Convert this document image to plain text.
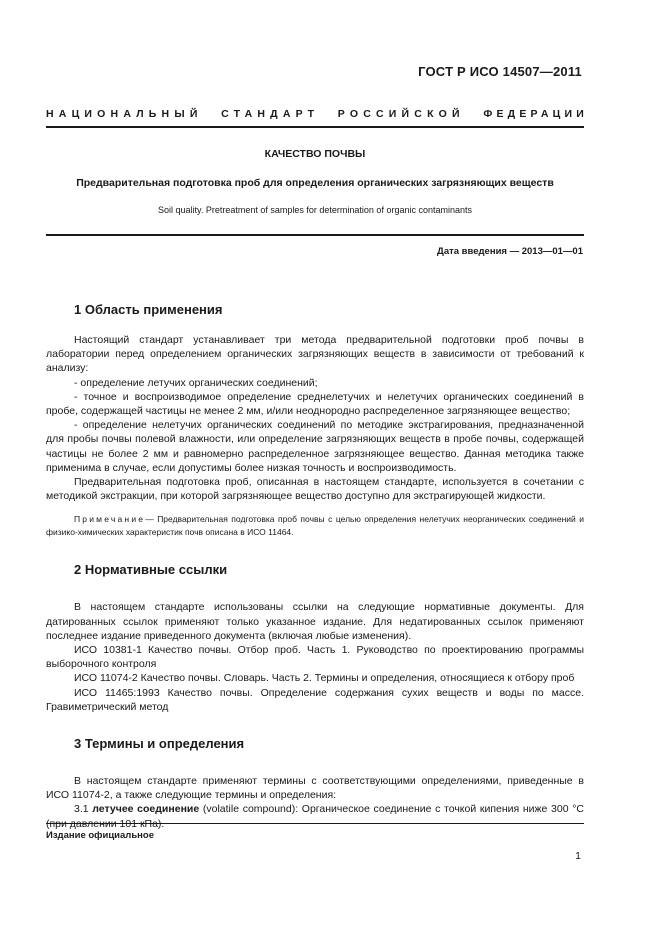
ГОСТ Р ИСО 14507—2011
НАЦИОНАЛЬНЫЙ СТАНДАРТ РОССИЙСКОЙ ФЕДЕРАЦИИ
КАЧЕСТВО ПОЧВЫ
Предварительная подготовка проб для определения органических загрязняющих веществ
Soil quality. Pretreatment of samples for determination of organic contaminants
Дата введения — 2013—01—01
1 Область применения

Настоящий стандарт устанавливает три метода предварительной подготовки проб почвы в лаборатории перед определением органических загрязняющих веществ в зависимости от требований к анализу:

- определение летучих органических соединений;

- точное и воспроизводимое определение среднелетучих и нелетучих органических соединений в пробе, содержащей частицы не менее 2 мм, и/или неоднородно распределенное загрязняющее вещество;

- определение нелетучих органических соединений по методике экстрагирования, предназначенной для пробы почвы полевой влажности, или определение загрязняющих веществ в пробе почвы, содержащей частицы не более 2 мм и равномерно распределенное загрязняющее вещество. Данная методика также применима в случае, если допустимы более низкая точность и воспроизводимость.

Предварительная подготовка проб, описанная в настоящем стандарте, используется в сочетании с методикой экстракции, при которой загрязняющее вещество доступно для экстрагирующей жидкости.

Примечание— Предварительная подготовка проб почвы с целью определения нелетучих неорганических соединений и физико-химических характеристик почв описана в ИСО 11464.

2 Нормативные ссылки

В настоящем стандарте использованы ссылки на следующие нормативные документы. Для датированных ссылок применяют только указанное издание. Для недатированных ссылок применяют последнее издание приведенного документа (включая любые изменения).

ИСО 10381-1 Качество почвы. Отбор проб. Часть 1. Руководство по проектированию программы выборочного контроля

ИСО 11074-2 Качество почвы. Словарь. Часть 2. Термины и определения, относящиеся к отбору проб

ИСО 11465:1993 Качество почвы. Определение содержания сухих веществ и воды по массе. Гравиметрический метод

3 Термины и определения

В настоящем стандарте применяют термины с соответствующими определениями, приведенные в ИСО 11074-2, а также следующие термины и определения:

3.1 летучее соединение (volatile compound): Органическое соединение с точкой кипения ниже 300 °С

Издание официальное
1
